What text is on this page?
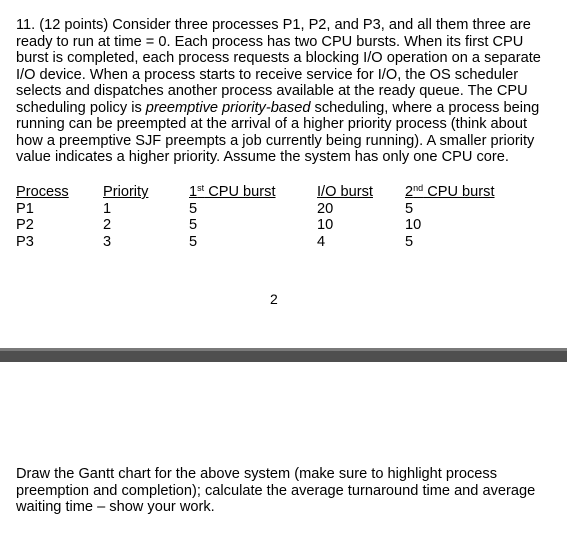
11. (12 points) Consider three processes P1, P2, and P3, and all them three are ready to run at time = 0. Each process has two CPU bursts. When its first CPU burst is completed, each process requests a blocking I/O operation on a separate I/O device. When a process starts to receive service for I/O, the OS scheduler selects and dispatches another process available at the ready queue. The CPU scheduling policy is preemptive priority-based scheduling, where a process being running can be preempted at the arrival of a higher priority process (think about how a preemptive SJF preempts a job currently being running). A smaller priority value indicates a higher priority. Assume the system has only one CPU core.

Process
P1
P2
P3
Priority
1
2
3
1st CPU burst
5
5
5
I/O burst
20
10
4
2nd CPU burst
5
10
5
2
Draw the Gantt chart for the above system (make sure to highlight process preemption and completion); calculate the average turnaround time and average waiting time – show your work.
